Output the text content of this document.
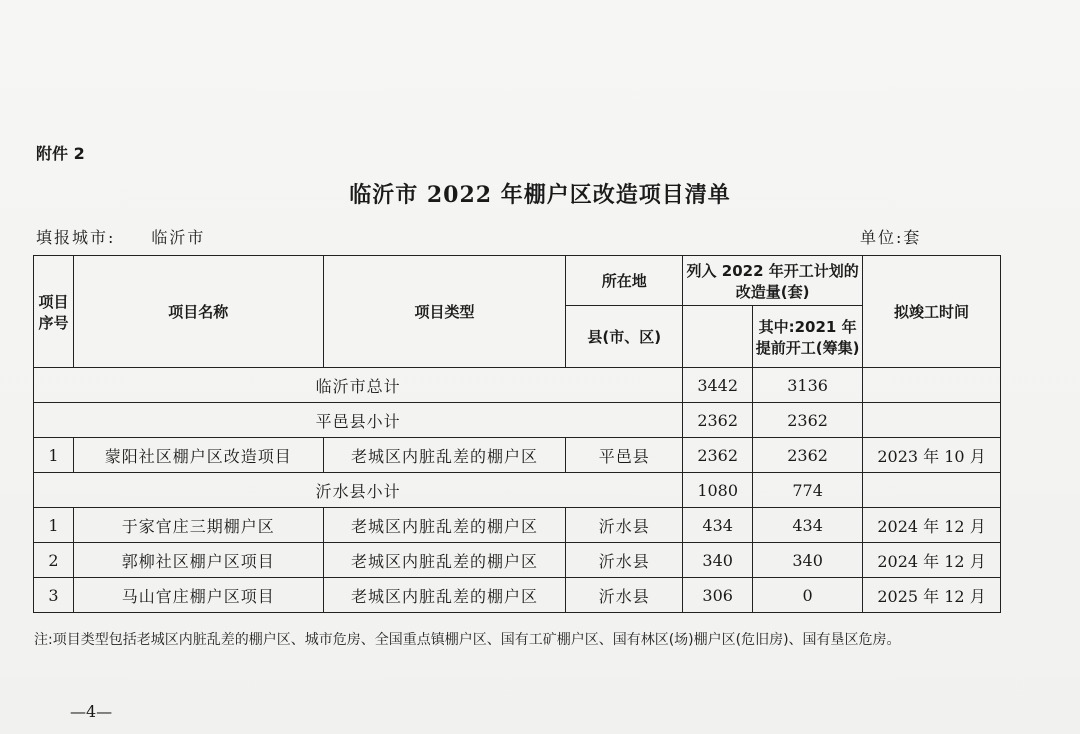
附件 2
临沂市 2022 年棚户区改造项目清单
填报城市: 临沂市	单位:套
项目序号	项目名称	项目类型	所在地	列入 2022 年开工计划的改造量(套)		拟竣工时间
			县(市、区)		其中:2021 年提前开工(筹集)	
临沂市总计				3442	3136	
平邑县小计				2362	2362	
1	蒙阳社区棚户区改造项目	老城区内脏乱差的棚户区	平邑县	2362	2362	2023 年 10 月
沂水县小计				1080	774	
1	于家官庄三期棚户区	老城区内脏乱差的棚户区	沂水县	434	434	2024 年 12 月
2	郭柳社区棚户区项目	老城区内脏乱差的棚户区	沂水县	340	340	2024 年 12 月
3	马山官庄棚户区项目	老城区内脏乱差的棚户区	沂水县	306	0	2025 年 12 月
注:项目类型包括老城区内脏乱差的棚户区、城市危房、全国重点镇棚户区、国有工矿棚户区、国有林区(场)棚户区(危旧房)、国有垦区危房。
—4—
